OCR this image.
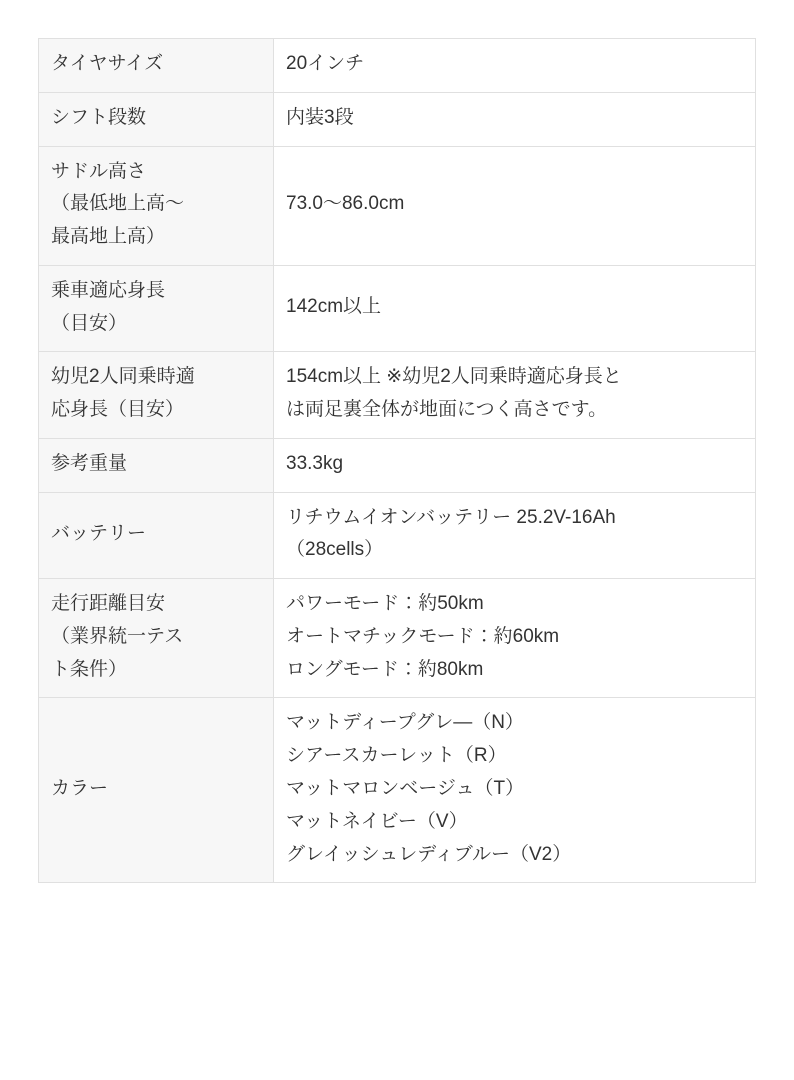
タイヤサイズ	20インチ

シフト段数	内装3段

サドル高さ
（最低地上高〜
最高地上高）	73.0〜86.0cm

乗車適応身長
（目安）	142cm以上

幼児2人同乗時適
応身長（目安）	154cm以上 ※幼児2人同乗時適応身長と
は両足裏全体が地面につく高さです。

参考重量	33.3kg

バッテリー	リチウムイオンバッテリー 25.2V-16Ah
（28cells）

走行距離目安
（業界統一テス
ト条件）	パワーモード：約50km
オートマチックモード：約60km
ロングモード：約80km

カラー	マットディープグレ―（N）
シアースカーレット（R）
マットマロンベージュ（T）
マットネイビー（V）
グレイッシュレディブルー（V2）
